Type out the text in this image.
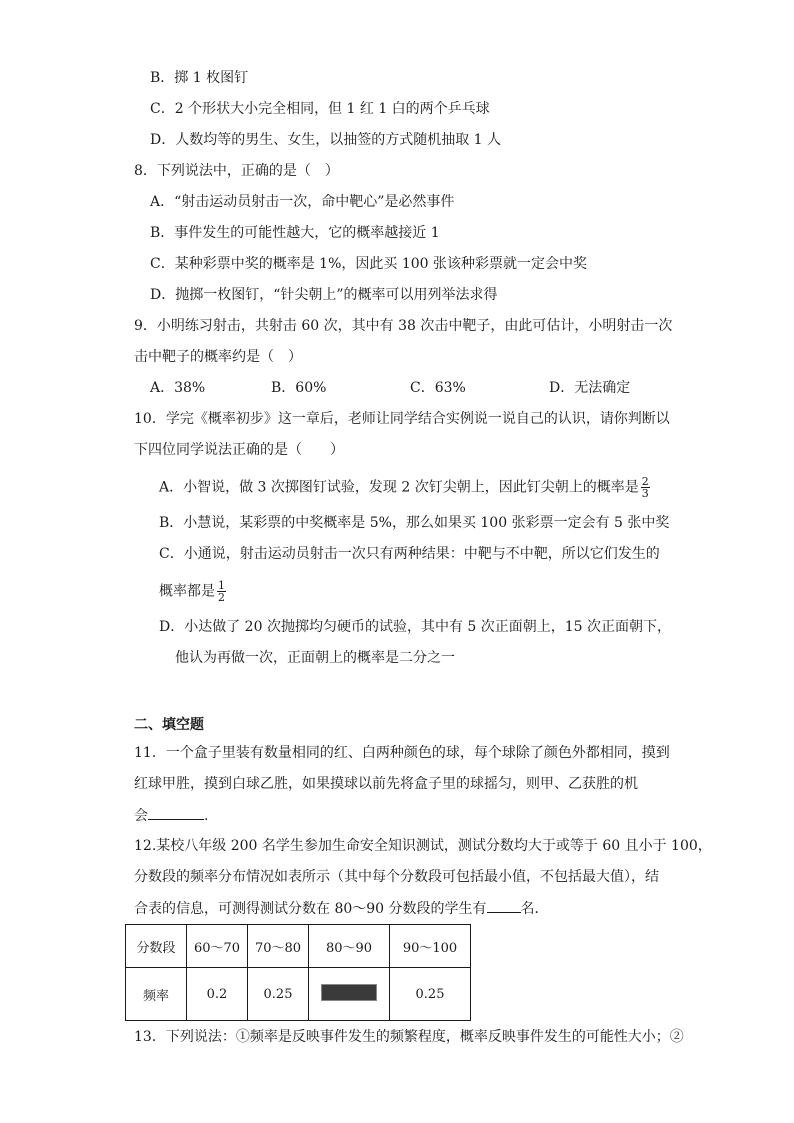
B．掷 1 枚图钉
C．2 个形状大小完全相同，但 1 红 1 白的两个乒乓球
D．人数均等的男生、女生，以抽签的方式随机抽取 1 人
8．下列说法中，正确的是（　）
A．“射击运动员射击一次，命中靶心”是必然事件
B．事件发生的可能性越大，它的概率越接近 1
C．某种彩票中奖的概率是 1%，因此买 100 张该种彩票就一定会中奖
D．抛掷一枚图钉，“针尖朝上”的概率可以用列举法求得
9．小明练习射击，共射击 60 次，其中有 38 次击中靶子，由此可估计，小明射击一次
击中靶子的概率约是（　）
A．38%	B．60%	C．63%	D．无法确定
10．学完《概率初步》这一章后，老师让同学结合实例说一说自己的认识，请你判断以
下四位同学说法正确的是（　　）
A．小智说，做 3 次掷图钉试验，发现 2 次钉尖朝上，因此钉尖朝上的概率是 $\frac{2}{3}$
B．小慧说，某彩票的中奖概率是 5%，那么如果买 100 张彩票一定会有 5 张中奖
C．小通说，射击运动员射击一次只有两种结果：中靶与不中靶，所以它们发生的
概率都是 $\frac{1}{2}$
D．小达做了 20 次抛掷均匀硬币的试验，其中有 5 次正面朝上，15 次正面朝下，
他认为再做一次，正面朝上的概率是二分之一
二、填空题
11．一个盒子里装有数量相同的红、白两种颜色的球，每个球除了颜色外都相同，摸到
红球甲胜，摸到白球乙胜，如果摸球以前先将盒子里的球摇匀，则甲、乙获胜的机
会	.
12.某校八年级 200 名学生参加生命安全知识测试，测试分数均大于或等于 60 且小于 100，
分数段的频率分布情况如表所示（其中每个分数段可包括最小值，不包括最大值），结
合表的信息，可测得测试分数在 80～90 分数段的学生有 名．
分数段	60～70	70～80	80～90	90～100
频率	0.2	0.25		0.25
13．下列说法：①频率是反映事件发生的频繁程度，概率反映事件发生的可能性大小；②
